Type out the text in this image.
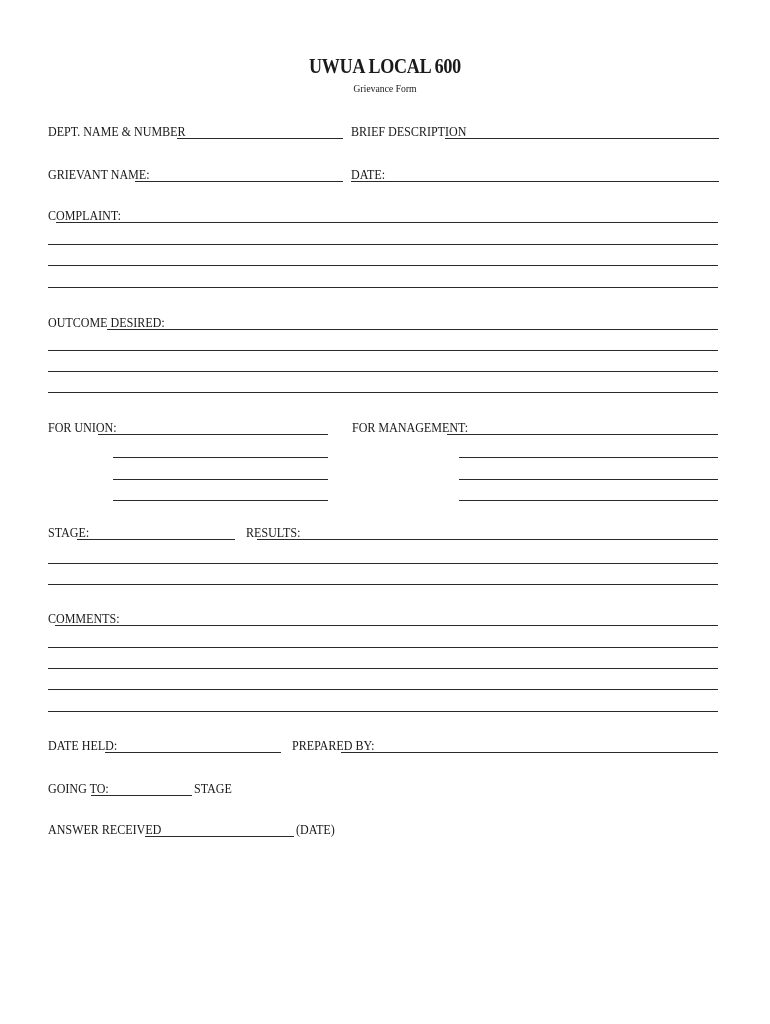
UWUA LOCAL 600
Grievance Form
DEPT. NAME & NUMBER	BRIEF DESCRIPTION
GRIEVANT NAME:	DATE:
COMPLAINT:
OUTCOME DESIRED:
FOR UNION:	FOR MANAGEMENT:
STAGE:	RESULTS:
COMMENTS:
DATE HELD:	PREPARED BY:
GOING TO:	STAGE
ANSWER RECEIVED	(DATE)
